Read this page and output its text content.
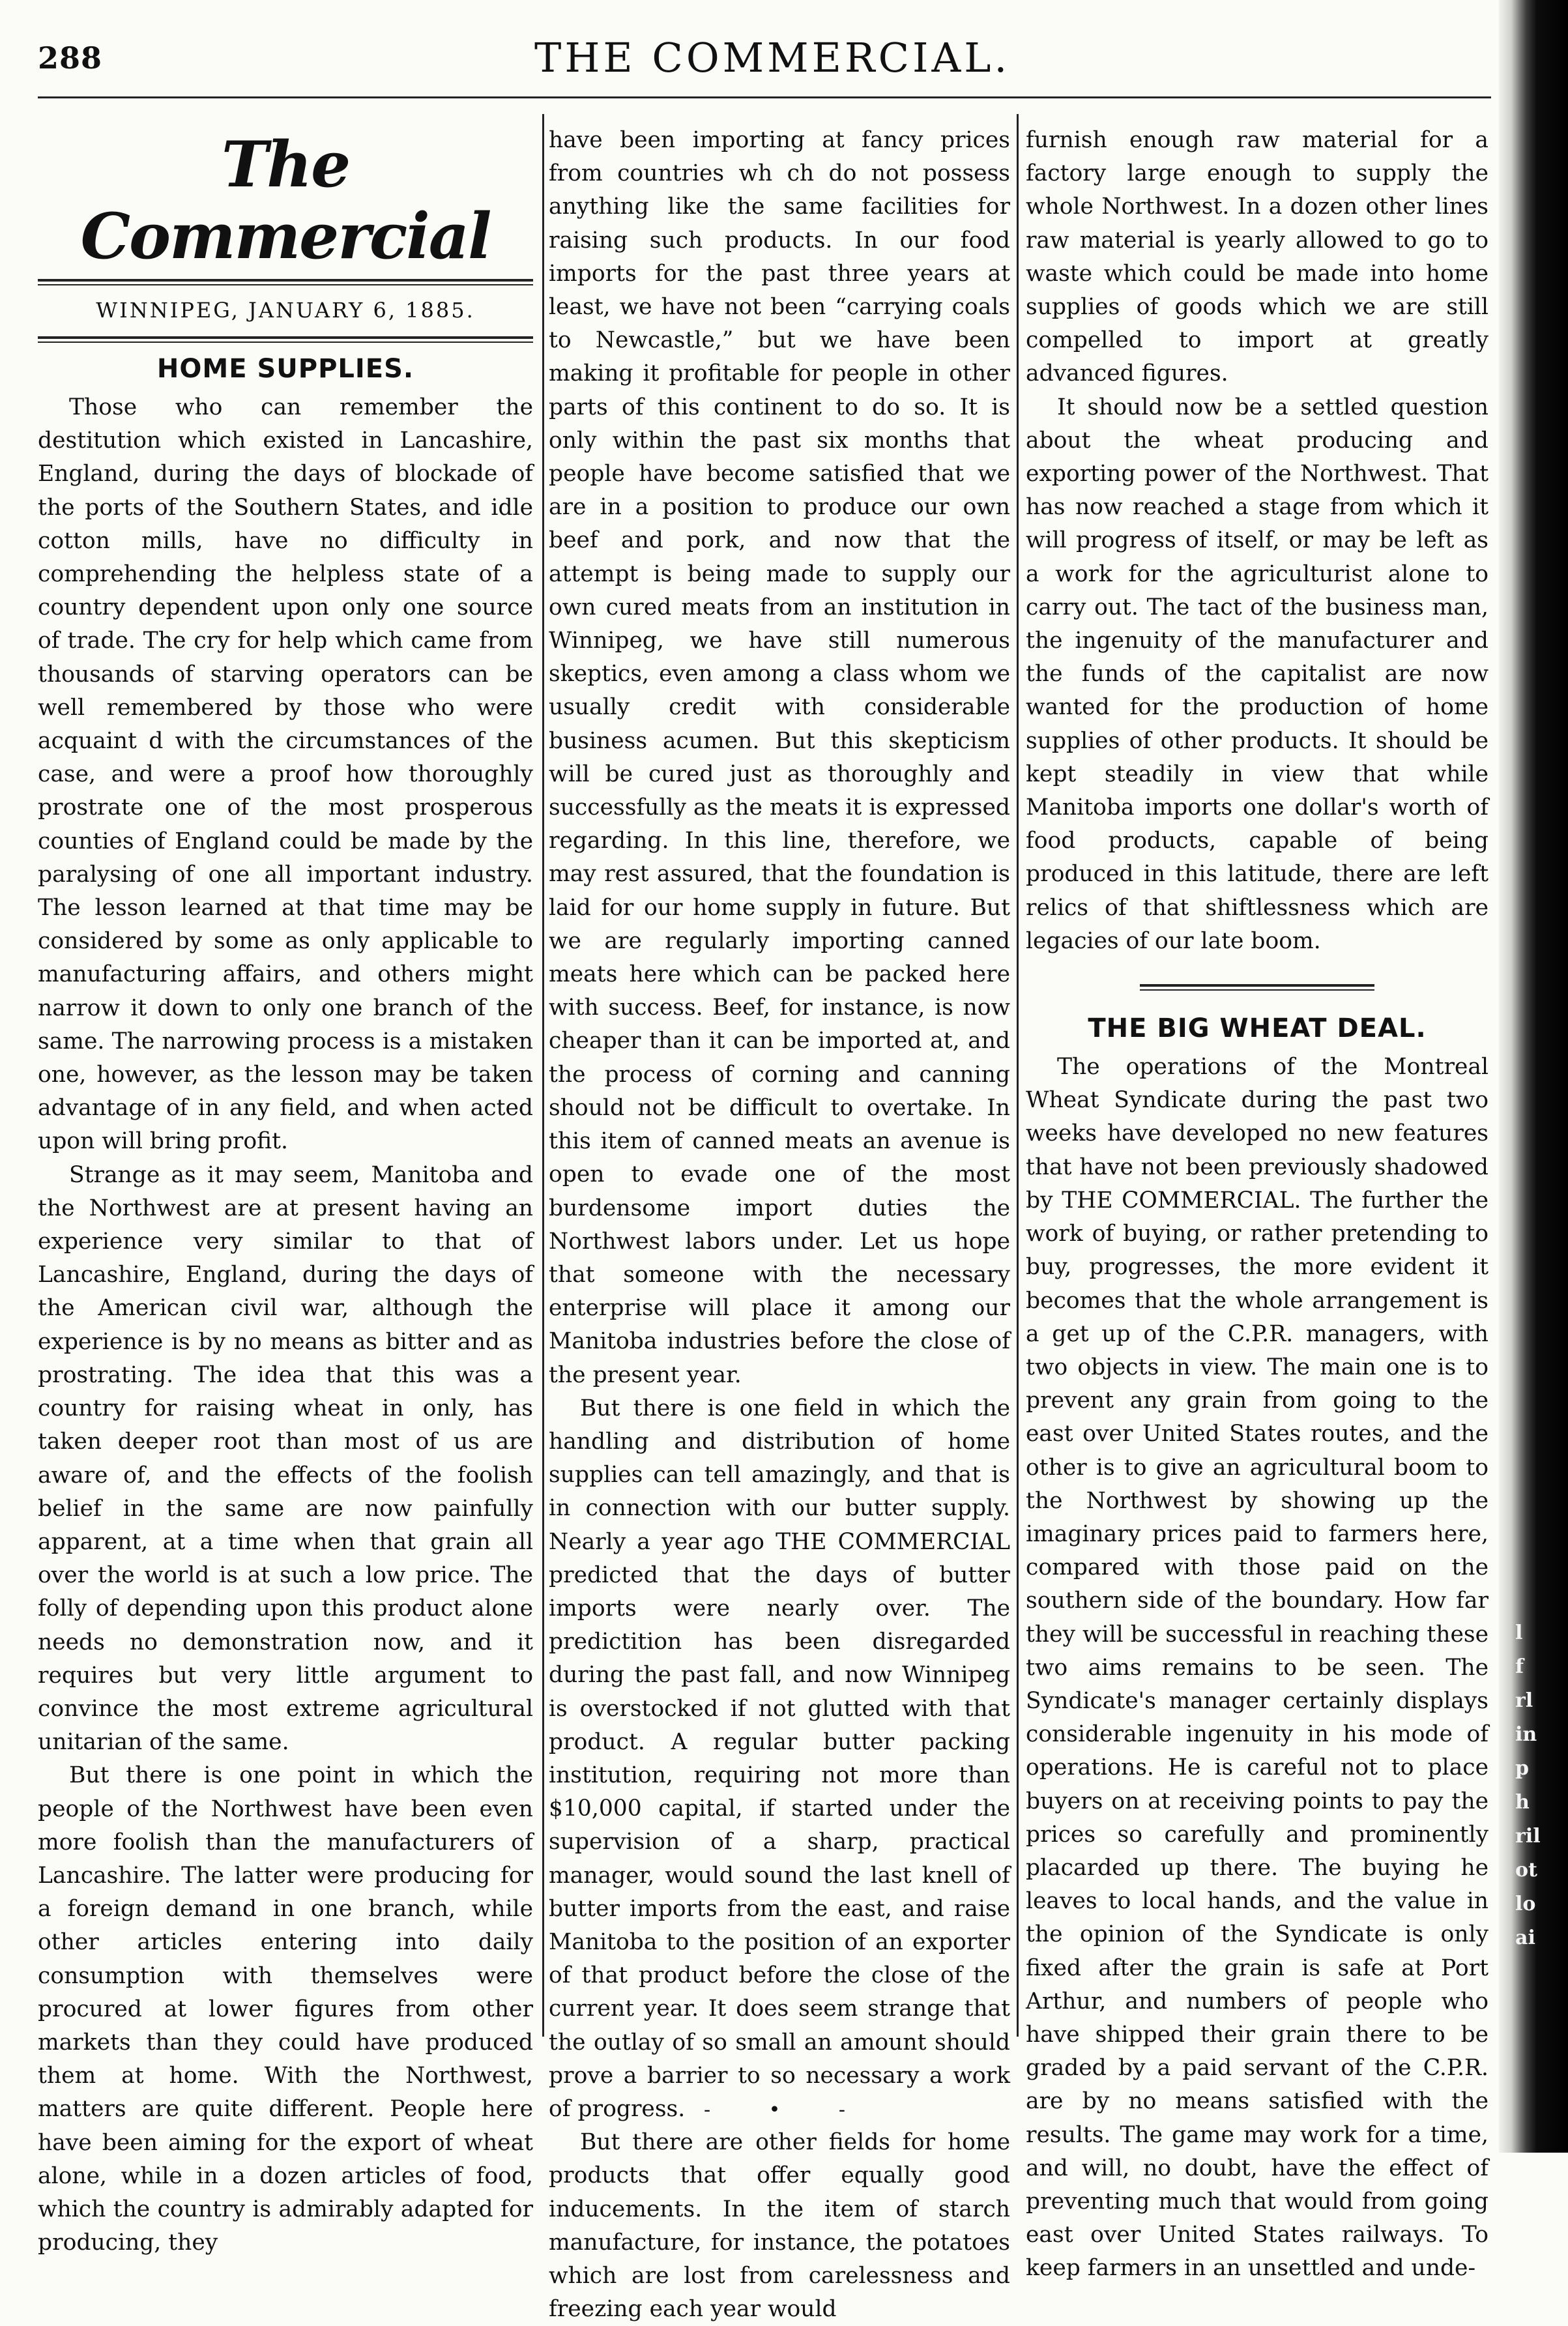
288	THE COMMERCIAL.
The Commercial
WINNIPEG, JANUARY 6, 1885.
HOME SUPPLIES.

Those who can remember the destitution which existed in Lancashire, England, during the days of blockade of the ports of the Southern States, and idle cotton mills, have no difficulty in comprehending the helpless state of a country dependent upon only one source of trade. The cry for help which came from thousands of starving operators can be well remembered by those who were acquaint d with the circumstances of the case, and were a proof how thoroughly prostrate one of the most prosperous counties of England could be made by the paralysing of one all important industry. The lesson learned at that time may be considered by some as only applicable to manufacturing affairs, and others might narrow it down to only one branch of the same. The narrowing process is a mistaken one, however, as the lesson may be taken advantage of in any field, and when acted upon will bring profit.

Strange as it may seem, Manitoba and the Northwest are at present having an experience very similar to that of Lancashire, England, during the days of the American civil war, although the experience is by no means as bitter and as prostrating. The idea that this was a country for raising wheat in only, has taken deeper root than most of us are aware of, and the effects of the foolish belief in the same are now painfully apparent, at a time when that grain all over the world is at such a low price. The folly of depending upon this product alone needs no demonstration now, and it requires but very little argument to convince the most extreme agricultural unitarian of the same.

But there is one point in which the people of the Northwest have been even more foolish than the manufacturers of Lancashire. The latter were producing for a foreign demand in one branch, while other articles entering into daily consumption with themselves were procured at lower figures from other markets than they could have produced them at home. With the Northwest, matters are quite different. People here have been aiming for the export of wheat alone, while in a dozen articles of food, which the country is admirably adapted for producing, they

have been importing at fancy prices from countries wh ch do not possess anything like the same facilities for raising such products. In our food imports for the past three years at least, we have not been “carrying coals to Newcastle,” but we have been making it profitable for people in other parts of this continent to do so. It is only within the past six months that people have become satisfied that we are in a position to produce our own beef and pork, and now that the attempt is being made to supply our own cured meats from an institution in Winnipeg, we have still numerous skeptics, even among a class whom we usually credit with considerable business acumen. But this skepticism will be cured just as thoroughly and successfully as the meats it is expressed regarding. In this line, therefore, we may rest assured, that the foundation is laid for our home supply in future. But we are regularly importing canned meats here which can be packed here with success. Beef, for instance, is now cheaper than it can be imported at, and the process of corning and canning should not be difficult to overtake. In this item of canned meats an avenue is open to evade one of the most burdensome import duties the Northwest labors under. Let us hope that someone with the necessary enterprise will place it among our Manitoba industries before the close of the present year.

But there is one field in which the handling and distribution of home supplies can tell amazingly, and that is in connection with our butter supply. Nearly a year ago THE COMMERCIAL predicted that the days of butter imports were nearly over. The predictition has been disregarded during the past fall, and now Winnipeg is overstocked if not glutted with that product. A regular butter packing institution, requiring not more than $10,000 capital, if started under the supervision of a sharp, practical manager, would sound the last knell of butter imports from the east, and raise Manitoba to the position of an exporter of that product before the close of the current year. It does seem strange that the outlay of so small an amount should prove a barrier to so necessary a work of progress.

But there are other fields for home products that offer equally good inducements. In the item of starch manufacture, for instance, the potatoes which are lost from carelessness and freezing each year would

furnish enough raw material for a factory large enough to supply the whole Northwest. In a dozen other lines raw material is yearly allowed to go to waste which could be made into home supplies of goods which we are still compelled to import at greatly advanced figures.

It should now be a settled question about the wheat producing and exporting power of the Northwest. That has now reached a stage from which it will progress of itself, or may be left as a work for the agriculturist alone to carry out. The tact of the business man, the ingenuity of the manufacturer and the funds of the capitalist are now wanted for the production of home supplies of other products. It should be kept steadily in view that while Manitoba imports one dollar's worth of food products, capable of being produced in this latitude, there are left relics of that shiftlessness which are legacies of our late boom.

THE BIG WHEAT DEAL.

The operations of the Montreal Wheat Syndicate during the past two weeks have developed no new features that have not been previously shadowed by THE COMMERCIAL. The further the work of buying, or rather pretending to buy, progresses, the more evident it becomes that the whole arrangement is a get up of the C.P.R. managers, with two objects in view. The main one is to prevent any grain from going to the east over United States routes, and the other is to give an agricultural boom to the Northwest by showing up the imaginary prices paid to farmers here, compared with those paid on the southern side of the boundary. How far they will be successful in reaching these two aims remains to be seen. The Syndicate's manager certainly displays considerable ingenuity in his mode of operations. He is careful not to place buyers on at receiving points to pay the prices so carefully and prominently placarded up there. The buying he leaves to local hands, and the value in the opinion of the Syndicate is only fixed after the grain is safe at Port Arthur, and numbers of people who have shipped their grain there to be graded by a paid servant of the C.P.R. are by no means satisfied with the results. The game may work for a time, and will, no doubt, have the effect of preventing much that would from going east over United States railways. To keep farmers in an unsettled and unde-

l
f
rl
in
p
h
ril
ot
lo
ai
- • -
